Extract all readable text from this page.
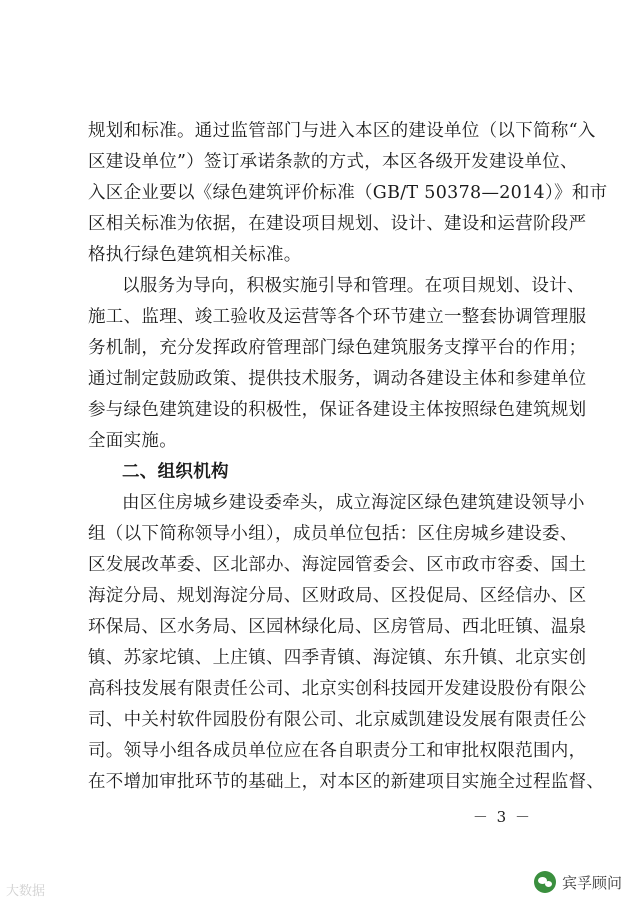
规划和标准。通过监管部门与进入本区的建设单位（以下简称“入
区建设单位”）签订承诺条款的方式，本区各级开发建设单位、
入区企业要以《绿色建筑评价标准（GB/T 50378—2014）》和市
区相关标准为依据，在建设项目规划、设计、建设和运营阶段严
格执行绿色建筑相关标准。
以服务为导向，积极实施引导和管理。在项目规划、设计、
施工、监理、竣工验收及运营等各个环节建立一整套协调管理服
务机制，充分发挥政府管理部门绿色建筑服务支撑平台的作用；
通过制定鼓励政策、提供技术服务，调动各建设主体和参建单位
参与绿色建筑建设的积极性，保证各建设主体按照绿色建筑规划
全面实施。
二、组织机构
由区住房城乡建设委牵头，成立海淀区绿色建筑建设领导小
组（以下简称领导小组），成员单位包括：区住房城乡建设委、
区发展改革委、区北部办、海淀园管委会、区市政市容委、国土
海淀分局、规划海淀分局、区财政局、区投促局、区经信办、区
环保局、区水务局、区园林绿化局、区房管局、西北旺镇、温泉
镇、苏家坨镇、上庄镇、四季青镇、海淀镇、东升镇、北京实创
高科技发展有限责任公司、北京实创科技园开发建设股份有限公
司、中关村软件园股份有限公司、北京威凯建设发展有限责任公
司。领导小组各成员单位应在各自职责分工和审批权限范围内，
在不增加审批环节的基础上，对本区的新建项目实施全过程监督、
－ 3 －
大数据	宾孚顾问
